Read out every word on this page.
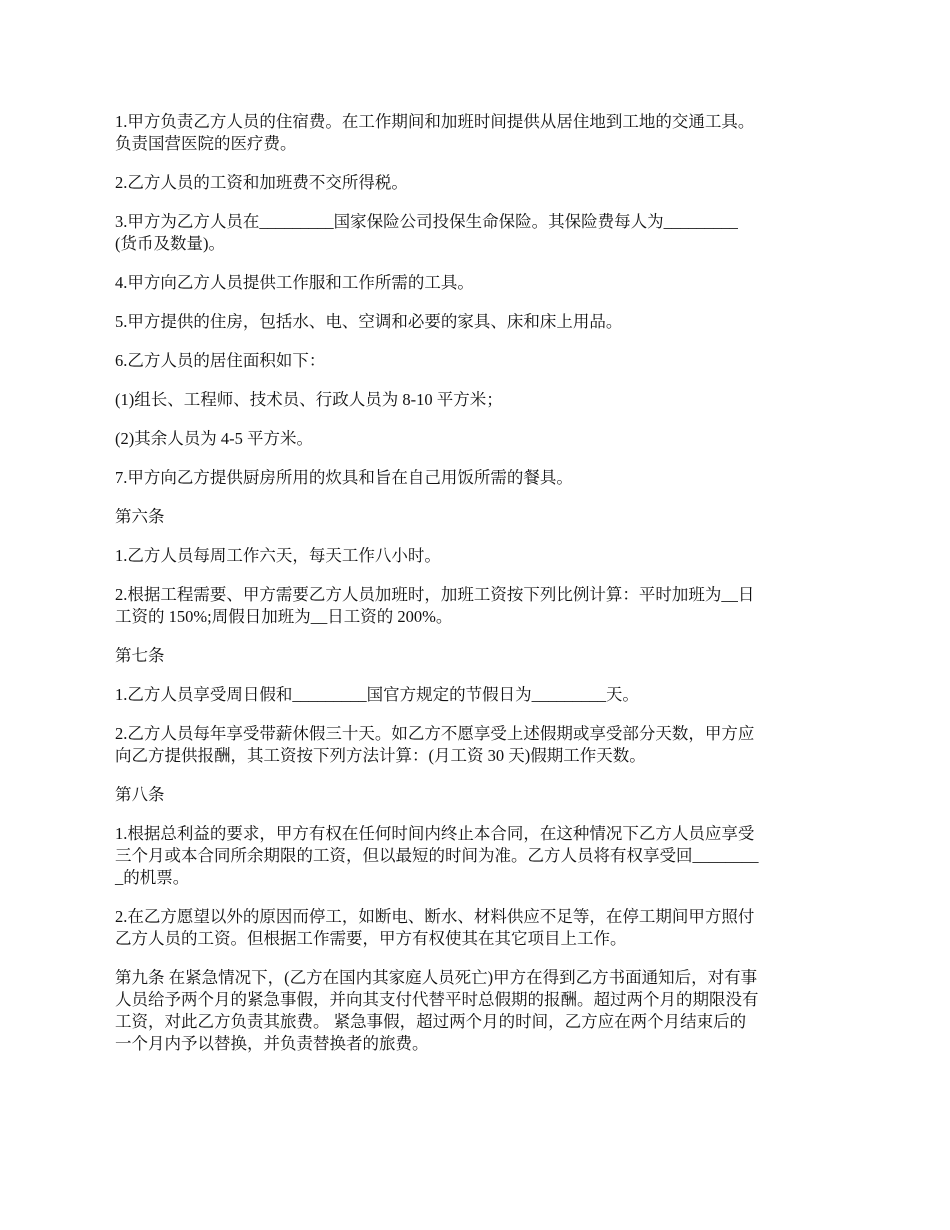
1.甲方负责乙方人员的住宿费。在工作期间和加班时间提供从居住地到工地的交通工具。
负责国营医院的医疗费。

2.乙方人员的工资和加班费不交所得税。

3.甲方为乙方人员在_________国家保险公司投保生命保险。其保险费每人为_________
(货币及数量)。

4.甲方向乙方人员提供工作服和工作所需的工具。

5.甲方提供的住房，包括水、电、空调和必要的家具、床和床上用品。

6.乙方人员的居住面积如下：

(1)组长、工程师、技术员、行政人员为 8-10 平方米；

(2)其余人员为 4-5 平方米。

7.甲方向乙方提供厨房所用的炊具和旨在自己用饭所需的餐具。

第六条

1.乙方人员每周工作六天，每天工作八小时。

2.根据工程需要、甲方需要乙方人员加班时，加班工资按下列比例计算：平时加班为__日
工资的 150%;周假日加班为__日工资的 200%。

第七条

1.乙方人员享受周日假和_________国官方规定的节假日为_________天。

2.乙方人员每年享受带薪休假三十天。如乙方不愿享受上述假期或享受部分天数，甲方应
向乙方提供报酬，其工资按下列方法计算：(月工资 30 天)假期工作天数。

第八条

1.根据总利益的要求，甲方有权在任何时间内终止本合同，在这种情况下乙方人员应享受
三个月或本合同所余期限的工资，但以最短的时间为准。乙方人员将有权享受回________
_的机票。

2.在乙方愿望以外的原因而停工，如断电、断水、材料供应不足等，在停工期间甲方照付
乙方人员的工资。但根据工作需要，甲方有权使其在其它项目上工作。

第九条 在紧急情况下，(乙方在国内其家庭人员死亡)甲方在得到乙方书面通知后，对有事
人员给予两个月的紧急事假，并向其支付代替平时总假期的报酬。超过两个月的期限没有
工资，对此乙方负责其旅费。 紧急事假，超过两个月的时间，乙方应在两个月结束后的
一个月内予以替换，并负责替换者的旅费。
